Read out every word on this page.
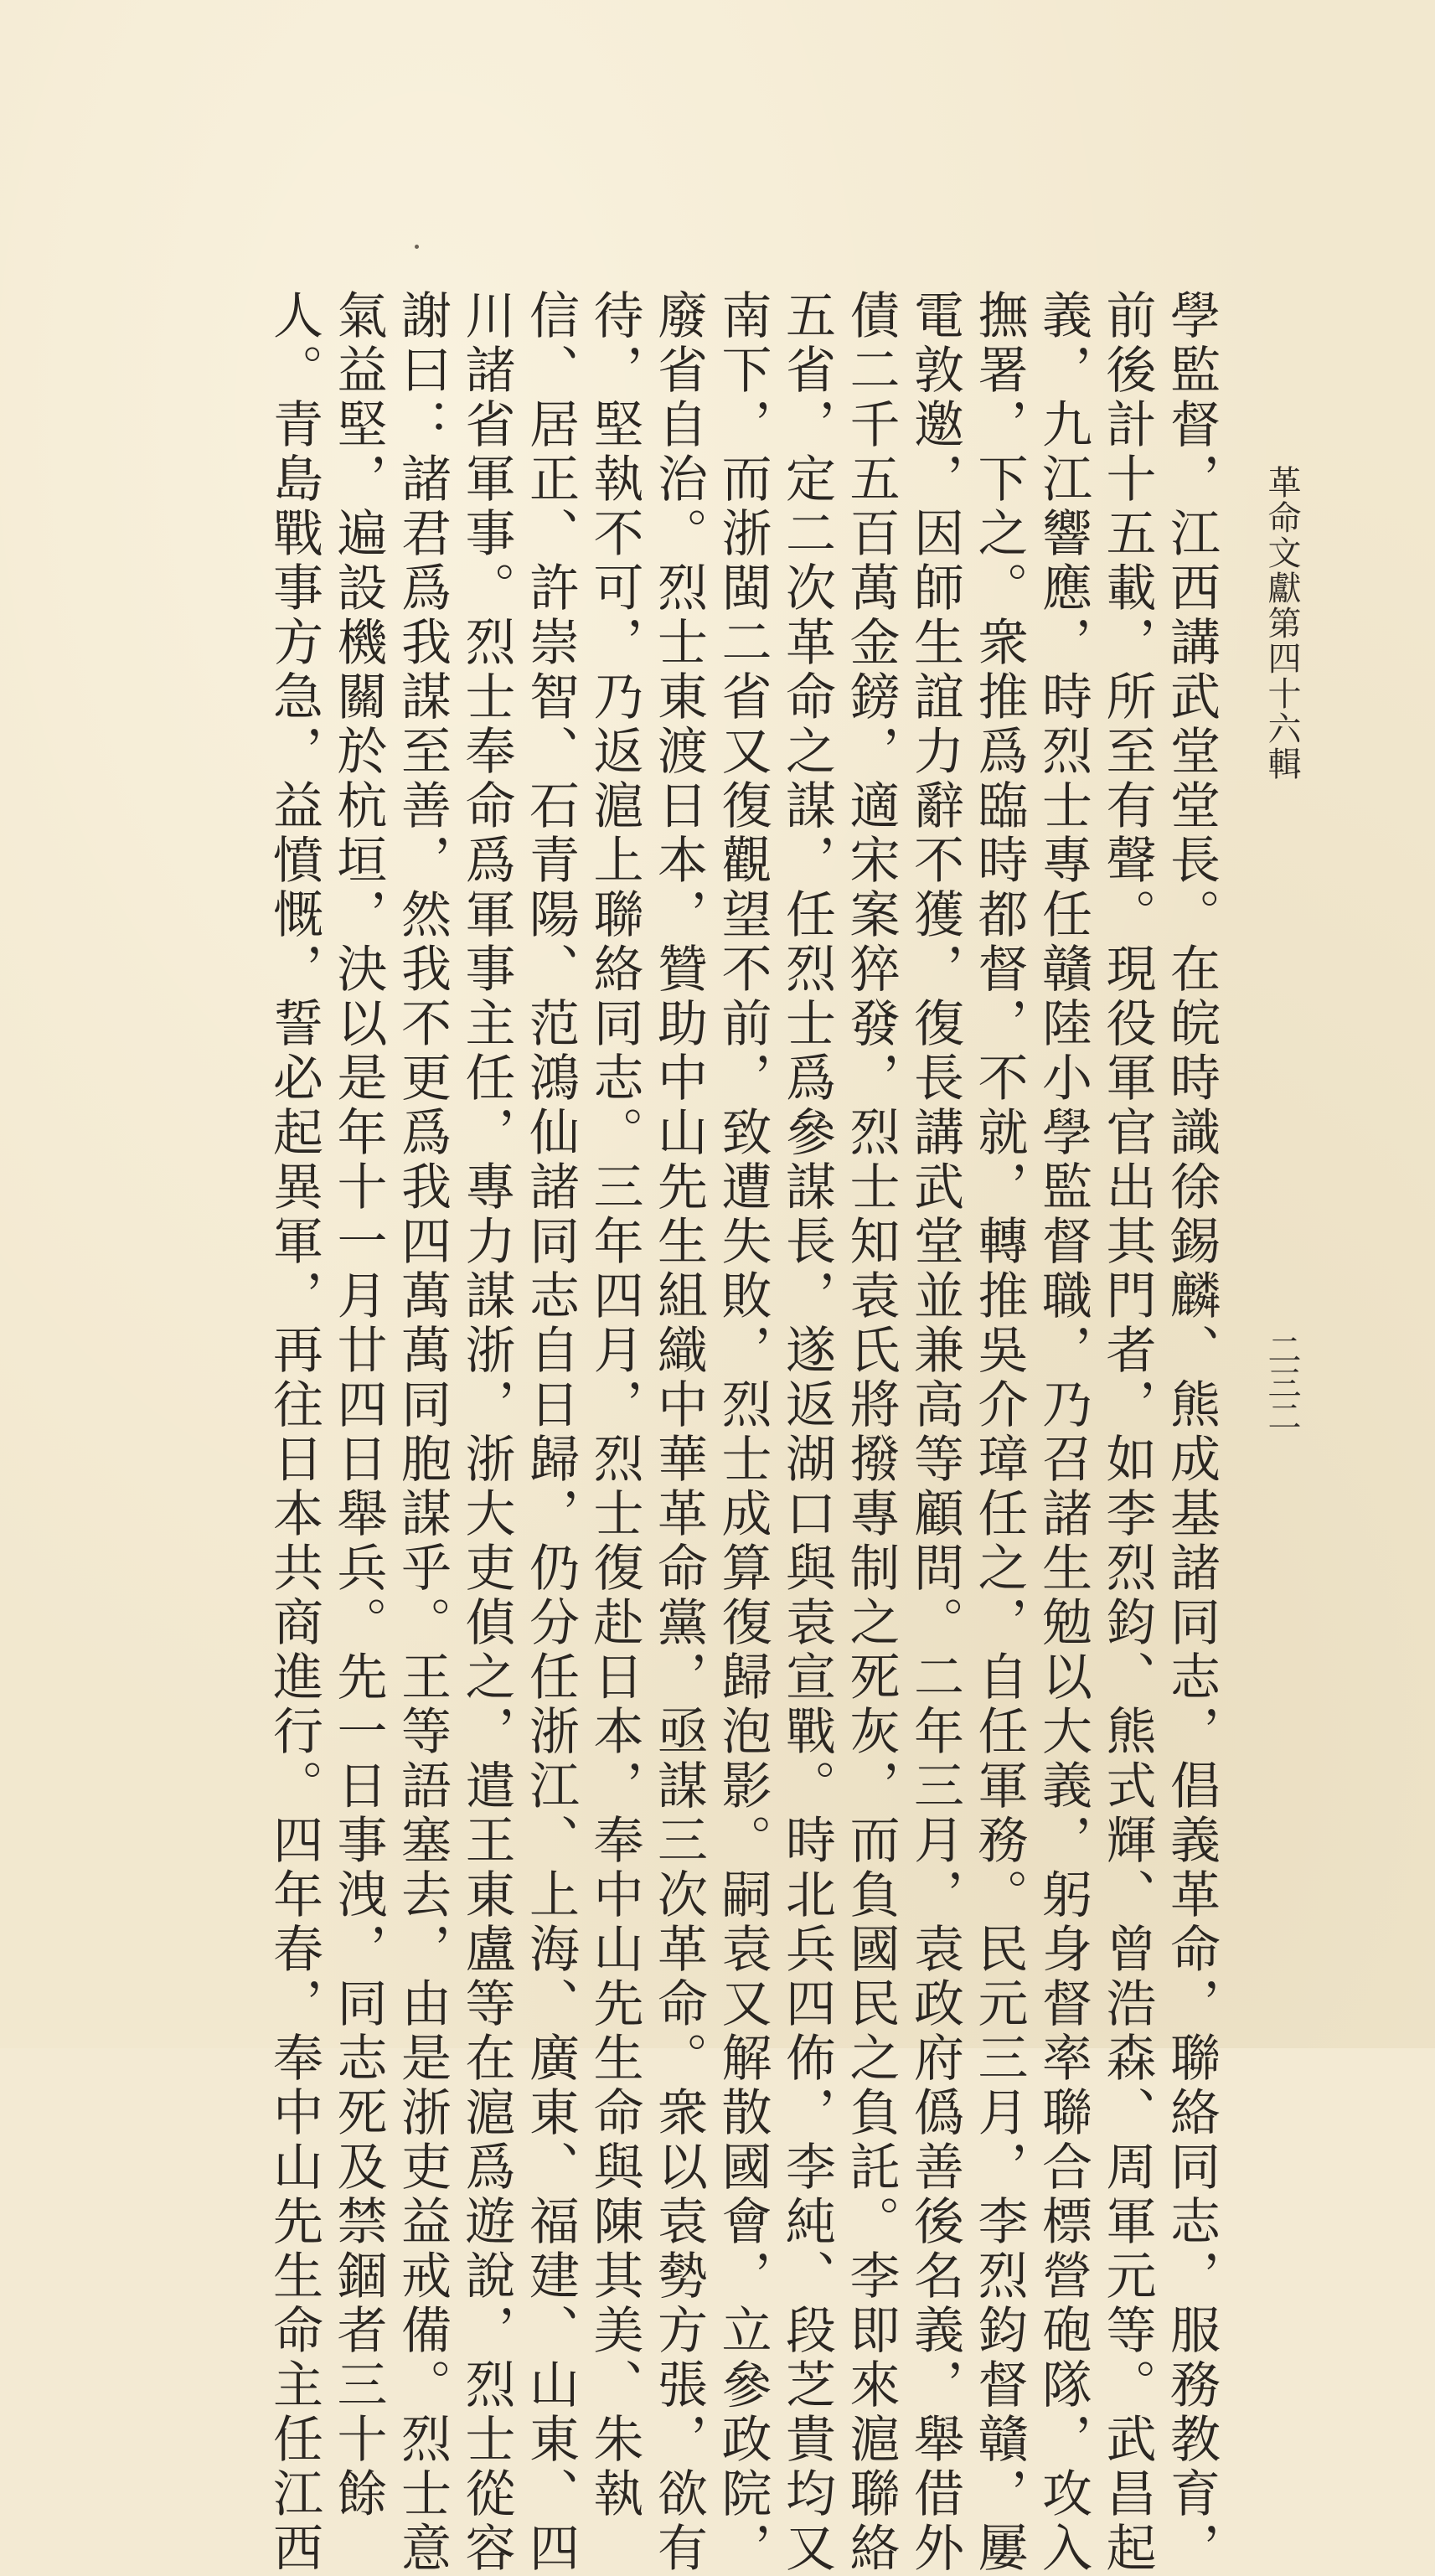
革命文獻第四十六輯
二三二
學監督，江西講武堂堂長。在皖時識徐錫麟、熊成基諸同志，倡義革命，聯絡同志，服務教育，
前後計十五載，所至有聲。現役軍官出其門者，如李烈鈞、熊式輝、曾浩森、周軍元等。武昌起
義，九江響應，時烈士專任贛陸小學監督職，乃召諸生勉以大義，躬身督率聯合標營砲隊，攻入
撫署，下之。衆推爲臨時都督，不就，轉推吳介璋任之，自任軍務。民元三月，李烈鈞督贛，屢
電敦邀，因師生誼力辭不獲，復長講武堂並兼高等顧問。二年三月，袁政府僞善後名義，舉借外
債二千五百萬金鎊，適宋案猝發，烈士知袁氏將撥專制之死灰，而負國民之負託。李即來滬聯絡
五省，定二次革命之謀，任烈士爲參謀長，遂返湖口與袁宣戰。時北兵四佈，李純、段芝貴均又
南下，而浙閩二省又復觀望不前，致遭失敗，烈士成算復歸泡影。嗣袁又解散國會，立參政院，
廢省自治。烈士東渡日本，贊助中山先生組織中華革命黨，亟謀三次革命。衆以袁勢方張，欲有
待，堅執不可，乃返滬上聯絡同志。三年四月，烈士復赴日本，奉中山先生命與陳其美、朱執
信、居正、許崇智、石青陽、范鴻仙諸同志自日歸，仍分任浙江、上海、廣東、福建、山東、四
川諸省軍事。烈士奉命爲軍事主任，專力謀浙，浙大吏偵之，遣王東盧等在滬爲遊說，烈士從容
謝曰：諸君爲我謀至善，然我不更爲我四萬萬同胞謀乎。王等語塞去，由是浙吏益戒備。烈士意
氣益堅，遍設機關於杭垣，決以是年十一月廿四日舉兵。先一日事洩，同志死及禁錮者三十餘
人。青島戰事方急，益憤慨，誓必起異軍，再往日本共商進行。四年春，奉中山先生命主任江西
